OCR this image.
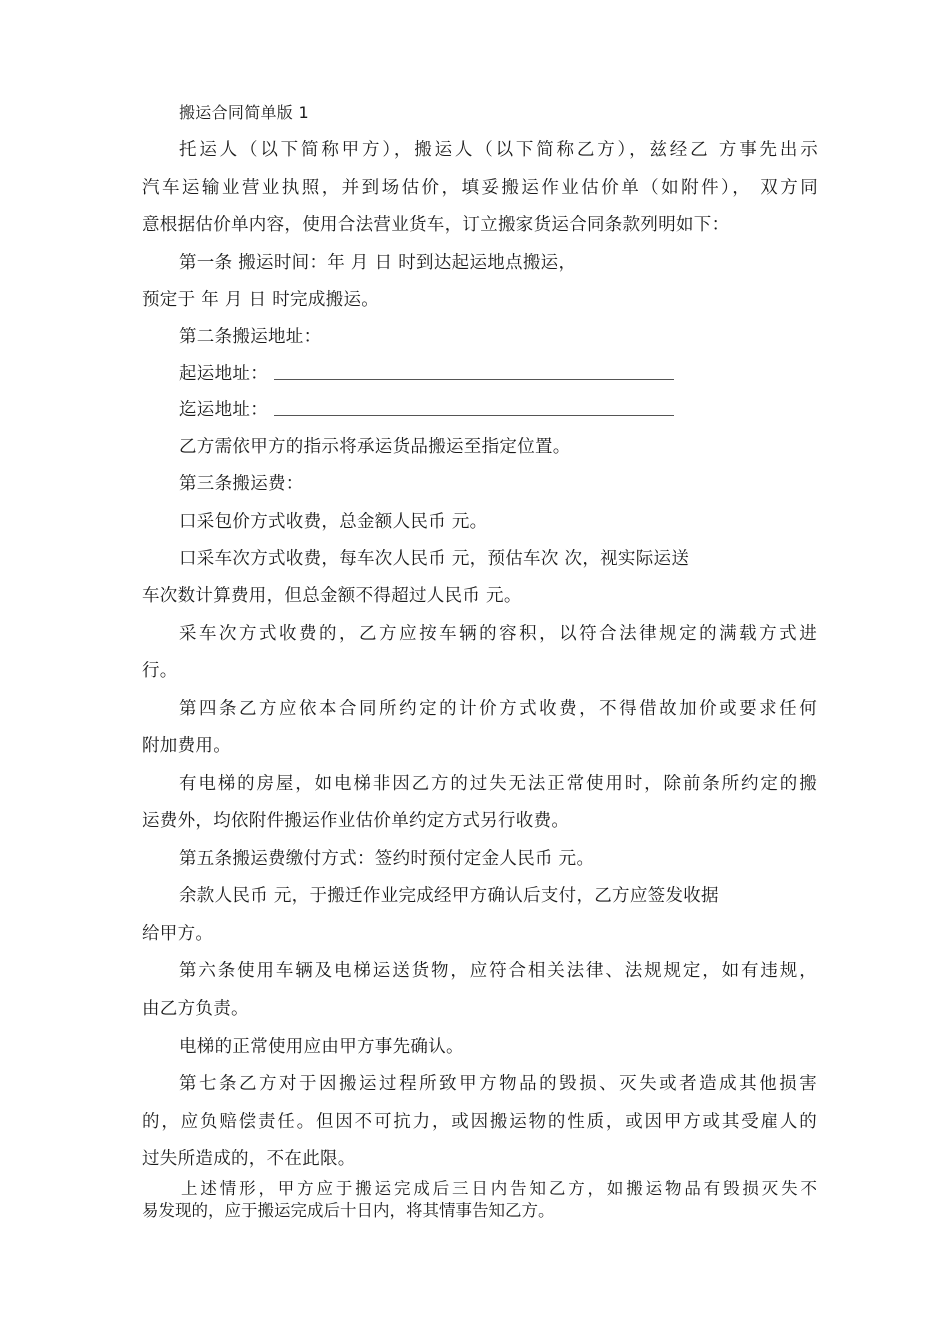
搬运合同简单版 1
托运人（以下简称甲方），搬运人（以下简称乙方），兹经乙 方事先出示
汽车运输业营业执照，并到场估价，填妥搬运作业估价单（如附件）， 双方同
意根据估价单内容，使用合法营业货车，订立搬家货运合同条款列明如下：
第一条 搬运时间：年 月 日 时到达起运地点搬运，
预定于 年 月 日 时完成搬运。
第二条搬运地址：
起运地址：
迄运地址：
乙方需依甲方的指示将承运货品搬运至指定位置。
第三条搬运费：
口采包价方式收费，总金额人民币 元。
口采车次方式收费，每车次人民币 元，预估车次 次，视实际运送
车次数计算费用，但总金额不得超过人民币 元。
采车次方式收费的，乙方应按车辆的容积，以符合法律规定的满载方式进
行。
第四条乙方应依本合同所约定的计价方式收费，不得借故加价或要求任何
附加费用。
有电梯的房屋，如电梯非因乙方的过失无法正常使用时，除前条所约定的搬
运费外，均依附件搬运作业估价单约定方式另行收费。
第五条搬运费缴付方式：签约时预付定金人民币 元。
余款人民币 元，于搬迁作业完成经甲方确认后支付，乙方应签发收据
给甲方。
第六条使用车辆及电梯运送货物，应符合相关法律、法规规定，如有违规，
由乙方负责。
电梯的正常使用应由甲方事先确认。
第七条乙方对于因搬运过程所致甲方物品的毁损、灭失或者造成其他损害
的，应负赔偿责任。但因不可抗力，或因搬运物的性质，或因甲方或其受雇人的
过失所造成的，不在此限。
上述情形，甲方应于搬运完成后三日内告知乙方，如搬运物品有毁损灭失不
易发现的，应于搬运完成后十日内，将其情事告知乙方。
